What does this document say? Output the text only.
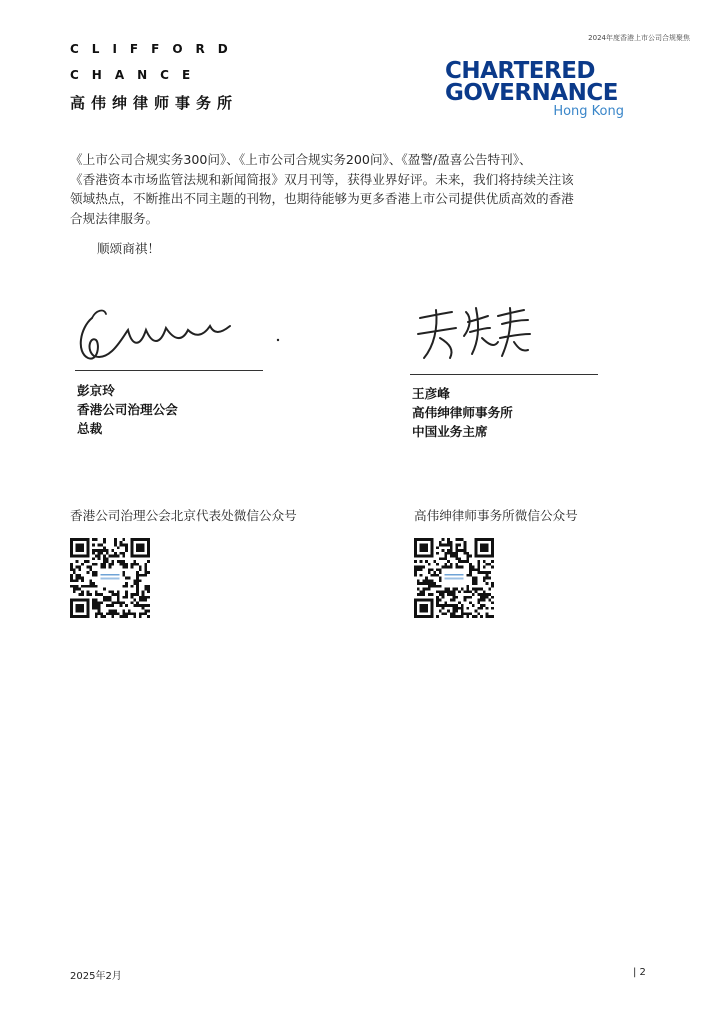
2024年度香港上市公司合规聚焦
CLIFFORD
CHANCE
高伟绅律师事务所
CHARTERED
GOVERNANCE
Hong Kong
《上市公司合规实务300问》、《上市公司合规实务200问》、《盈警/盈喜公告特刊》、
《香港资本市场监管法规和新闻简报》双月刊等，获得业界好评。未来，我们将持续关注该
领域热点，不断推出不同主题的刊物，也期待能够为更多香港上市公司提供优质高效的香港
合规法律服务。
顺颂商祺！
彭京玲
香港公司治理公会
总裁
王彦峰
高伟绅律师事务所
中国业务主席
香港公司治理公会北京代表处微信公众号	高伟绅律师事务所微信公众号
2025年2月	| 2
